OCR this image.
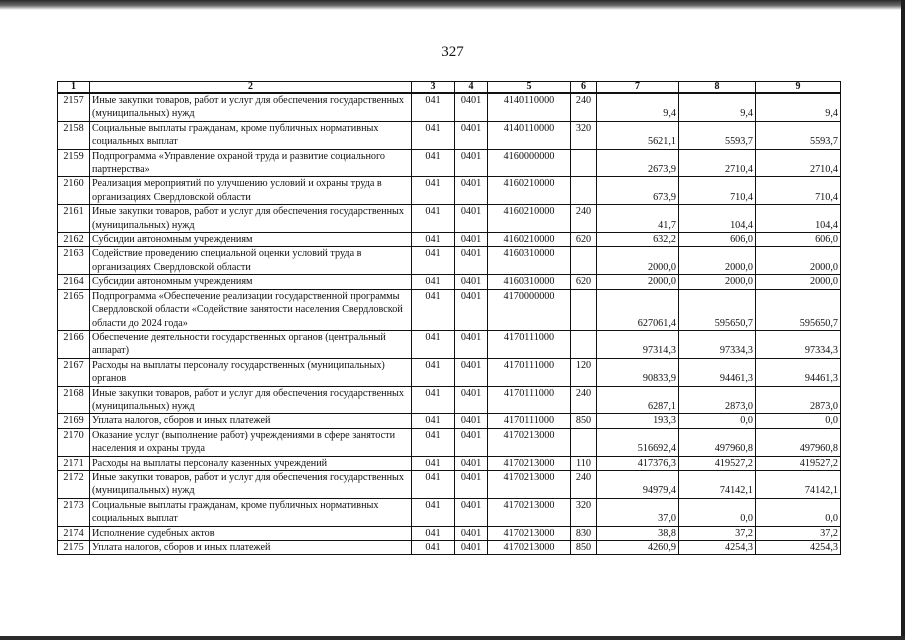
327
1	2	3	4	5	6	7	8	9
2157	Иные закупки товаров, работ и услуг для обеспечения государственных (муниципальных) нужд	041	0401	4140110000	240	9,4	9,4	9,4
2158	Социальные выплаты гражданам, кроме публичных нормативных социальных выплат	041	0401	4140110000	320	5621,1	5593,7	5593,7
2159	Подпрограмма «Управление охраной труда и развитие социального партнерства»	041	0401	4160000000		2673,9	2710,4	2710,4
2160	Реализация мероприятий по улучшению условий и охраны труда в организациях Свердловской области	041	0401	4160210000		673,9	710,4	710,4
2161	Иные закупки товаров, работ и услуг для обеспечения государственных (муниципальных) нужд	041	0401	4160210000	240	41,7	104,4	104,4
2162	Субсидии автономным учреждениям	041	0401	4160210000	620	632,2	606,0	606,0
2163	Содействие проведению специальной оценки условий труда в организациях Свердловской области	041	0401	4160310000		2000,0	2000,0	2000,0
2164	Субсидии автономным учреждениям	041	0401	4160310000	620	2000,0	2000,0	2000,0
2165	Подпрограмма «Обеспечение реализации государственной программы Свердловской области «Содействие занятости населения Свердловской области до 2024 года»	041	0401	4170000000		627061,4	595650,7	595650,7
2166	Обеспечение деятельности государственных органов (центральный аппарат)	041	0401	4170111000		97314,3	97334,3	97334,3
2167	Расходы на выплаты персоналу государственных (муниципальных) органов	041	0401	4170111000	120	90833,9	94461,3	94461,3
2168	Иные закупки товаров, работ и услуг для обеспечения государственных (муниципальных) нужд	041	0401	4170111000	240	6287,1	2873,0	2873,0
2169	Уплата налогов, сборов и иных платежей	041	0401	4170111000	850	193,3	0,0	0,0
2170	Оказание услуг (выполнение работ) учреждениями в сфере занятости населения и охраны труда	041	0401	4170213000		516692,4	497960,8	497960,8
2171	Расходы на выплаты персоналу казенных учреждений	041	0401	4170213000	110	417376,3	419527,2	419527,2
2172	Иные закупки товаров, работ и услуг для обеспечения государственных (муниципальных) нужд	041	0401	4170213000	240	94979,4	74142,1	74142,1
2173	Социальные выплаты гражданам, кроме публичных нормативных социальных выплат	041	0401	4170213000	320	37,0	0,0	0,0
2174	Исполнение судебных актов	041	0401	4170213000	830	38,8	37,2	37,2
2175	Уплата налогов, сборов и иных платежей	041	0401	4170213000	850	4260,9	4254,3	4254,3
